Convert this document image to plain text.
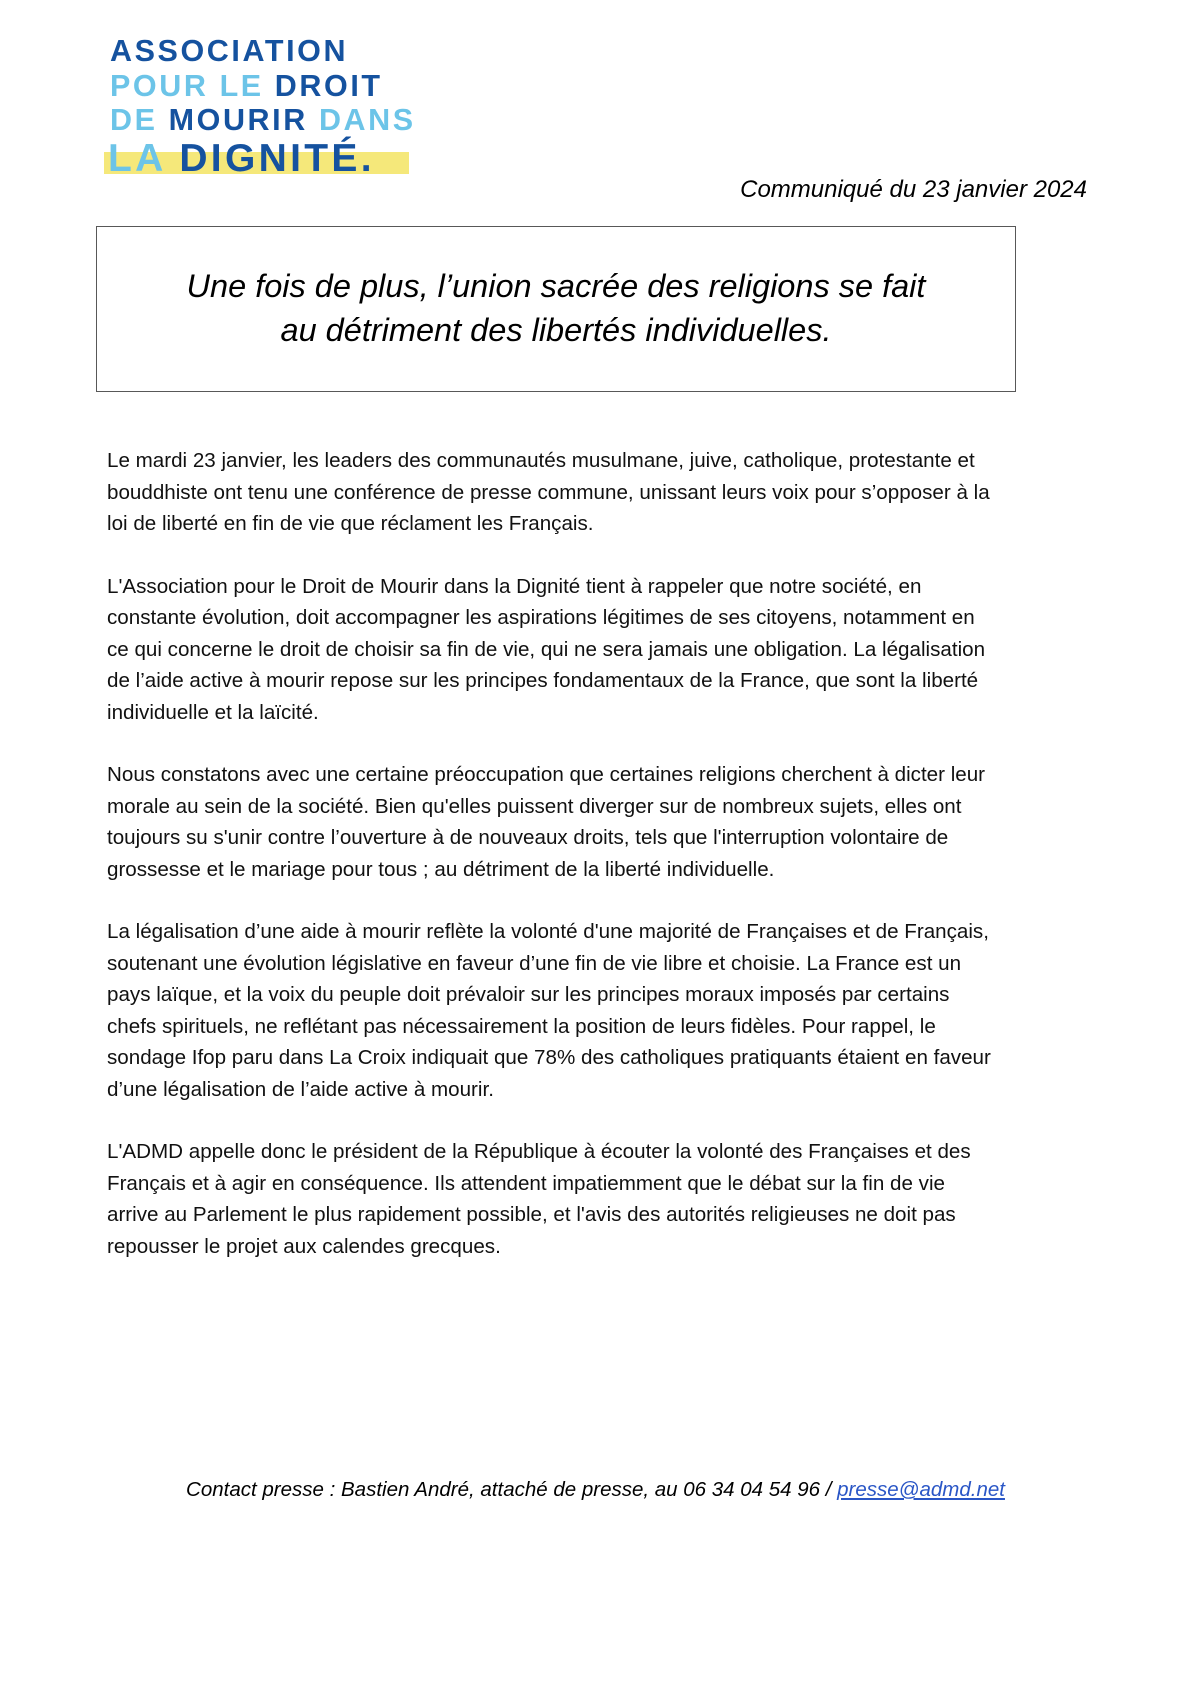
ASSOCIATION
POUR LE DROIT
DE MOURIR DANS
LA DIGNITÉ.
Communiqué du 23 janvier 2024
Une fois de plus, l’union sacrée des religions se fait
au détriment des libertés individuelles.

Le mardi 23 janvier, les leaders des communautés musulmane, juive, catholique, protestante et bouddhiste ont tenu une conférence de presse commune, unissant leurs voix pour s’opposer à la loi de liberté en fin de vie que réclament les Français.

L'Association pour le Droit de Mourir dans la Dignité tient à rappeler que notre société, en constante évolution, doit accompagner les aspirations légitimes de ses citoyens, notamment en ce qui concerne le droit de choisir sa fin de vie, qui ne sera jamais une obligation. La légalisation de l’aide active à mourir repose sur les principes fondamentaux de la France, que sont la liberté individuelle et la laïcité.

Nous constatons avec une certaine préoccupation que certaines religions cherchent à dicter leur morale au sein de la société. Bien qu'elles puissent diverger sur de nombreux sujets, elles ont toujours su s'unir contre l’ouverture à de nouveaux droits, tels que l'interruption volontaire de grossesse et le mariage pour tous ; au détriment de la liberté individuelle.

La légalisation d’une aide à mourir reflète la volonté d'une majorité de Françaises et de Français, soutenant une évolution législative en faveur d’une fin de vie libre et choisie. La France est un pays laïque, et la voix du peuple doit prévaloir sur les principes moraux imposés par certains chefs spirituels, ne reflétant pas nécessairement la position de leurs fidèles. Pour rappel, le sondage Ifop paru dans La Croix indiquait que 78% des catholiques pratiquants étaient en faveur d’une légalisation de l’aide active à mourir.

L'ADMD appelle donc le président de la République à écouter la volonté des Françaises et des Français et à agir en conséquence. Ils attendent impatiemment que le débat sur la fin de vie arrive au Parlement le plus rapidement possible, et l'avis des autorités religieuses ne doit pas repousser le projet aux calendes grecques.

Contact presse : Bastien André, attaché de presse, au 06 34 04 54 96 / presse@admd.net
